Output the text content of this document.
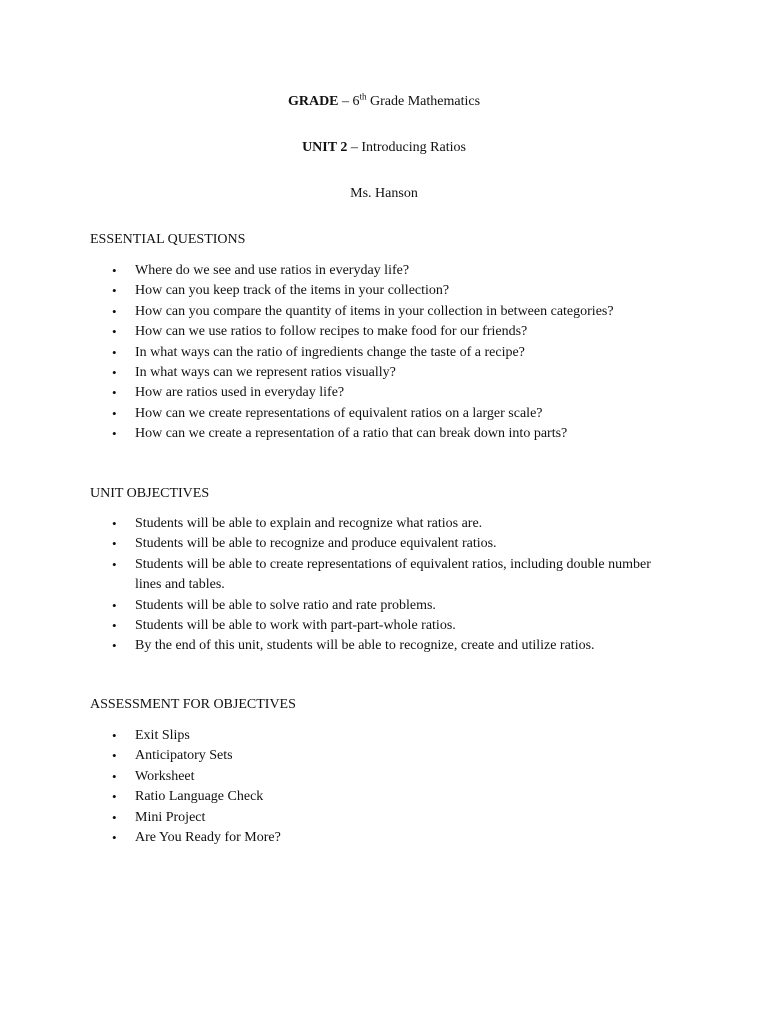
GRADE – 6th Grade Mathematics
UNIT 2 – Introducing Ratios
Ms. Hanson
ESSENTIAL QUESTIONS
• Where do we see and use ratios in everyday life?
• How can you keep track of the items in your collection?
• How can you compare the quantity of items in your collection in between categories?
• How can we use ratios to follow recipes to make food for our friends?
• In what ways can the ratio of ingredients change the taste of a recipe?
• In what ways can we represent ratios visually?
• How are ratios used in everyday life?
• How can we create representations of equivalent ratios on a larger scale?
• How can we create a representation of a ratio that can break down into parts?
UNIT OBJECTIVES
• Students will be able to explain and recognize what ratios are.
• Students will be able to recognize and produce equivalent ratios.
• Students will be able to create representations of equivalent ratios, including double number lines and tables.
• Students will be able to solve ratio and rate problems.
• Students will be able to work with part-part-whole ratios.
• By the end of this unit, students will be able to recognize, create and utilize ratios.
ASSESSMENT FOR OBJECTIVES
• Exit Slips
• Anticipatory Sets
• Worksheet
• Ratio Language Check
• Mini Project
• Are You Ready for More?
